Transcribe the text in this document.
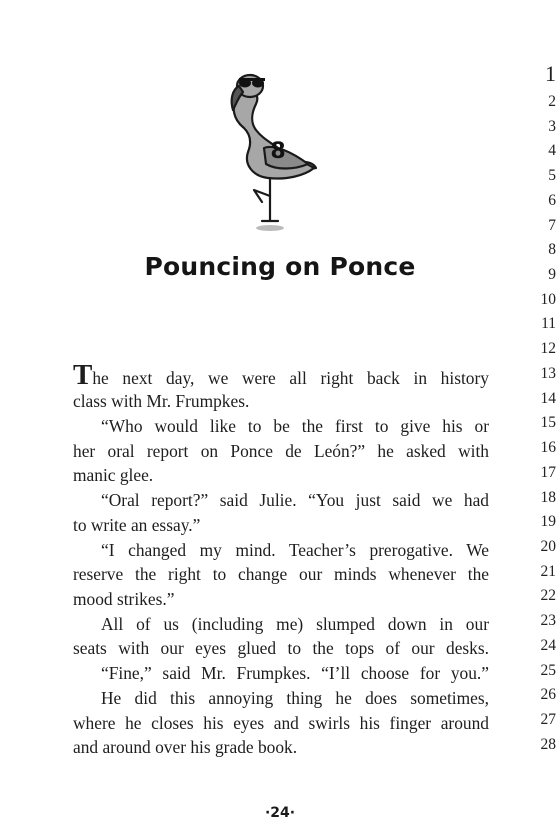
8
Pouncing on Ponce
1
2
3
4
5
6
7
8
9
10
11
12
13
14
15
16
17
18
19
20
21
22
23
24
25
26
27
28
The next day, we were all right back in history
class with Mr. Frumpkes.
“Who would like to be the first to give his or
her oral report on Ponce de León?” he asked with
manic glee.
“Oral report?” said Julie. “You just said we had
to write an essay.”
“I changed my mind. Teacher’s prerogative. We
reserve the right to change our minds whenever the
mood strikes.”
All of us (including me) slumped down in our
seats with our eyes glued to the tops of our desks.
“Fine,” said Mr. Frumpkes. “I’ll choose for you.”
He did this annoying thing he does sometimes,
where he closes his eyes and swirls his finger around
and around over his grade book.
·24·
